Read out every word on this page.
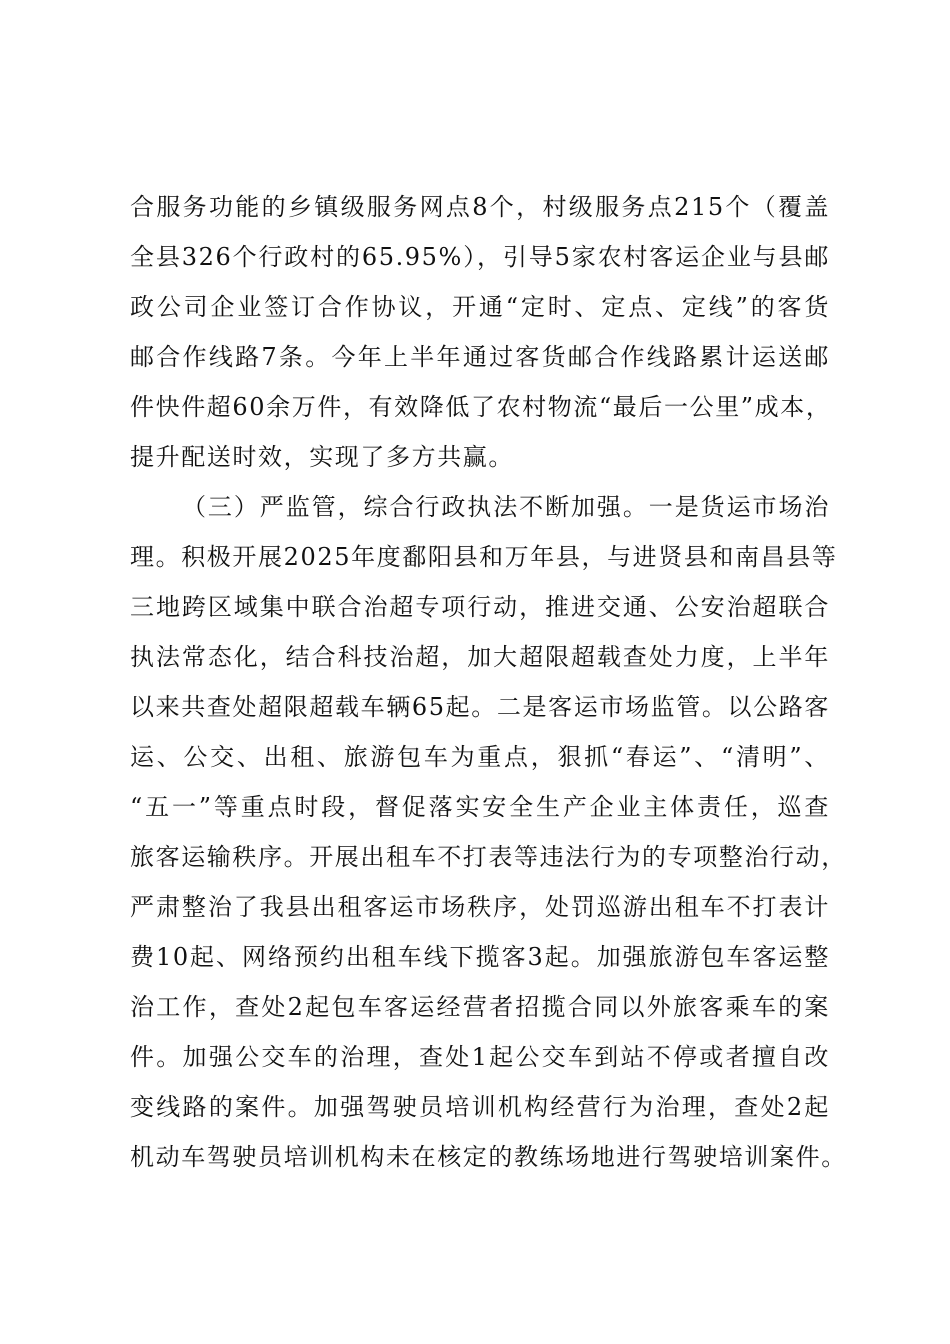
合服务功能的乡镇级服务网点8个，村级服务点215个（覆盖
全县326个行政村的65.95%），引导5家农村客运企业与县邮
政公司企业签订合作协议，开通“定时、定点、定线”的客货
邮合作线路7条。今年上半年通过客货邮合作线路累计运送邮
件快件超60余万件，有效降低了农村物流“最后一公里”成本，
提升配送时效，实现了多方共赢。
（三）严监管，综合行政执法不断加强。一是货运市场治
理。积极开展2025年度鄱阳县和万年县，与进贤县和南昌县等
三地跨区域集中联合治超专项行动，推进交通、公安治超联合
执法常态化，结合科技治超，加大超限超载查处力度，上半年
以来共查处超限超载车辆65起。二是客运市场监管。以公路客
运、公交、出租、旅游包车为重点，狠抓“春运”、“清明”、
“五一”等重点时段，督促落实安全生产企业主体责任，巡查
旅客运输秩序。开展出租车不打表等违法行为的专项整治行动，
严肃整治了我县出租客运市场秩序，处罚巡游出租车不打表计
费10起、网络预约出租车线下揽客3起。加强旅游包车客运整
治工作，查处2起包车客运经营者招揽合同以外旅客乘车的案
件。加强公交车的治理，查处1起公交车到站不停或者擅自改
变线路的案件。加强驾驶员培训机构经营行为治理，查处2起
机动车驾驶员培训机构未在核定的教练场地进行驾驶培训案件。
